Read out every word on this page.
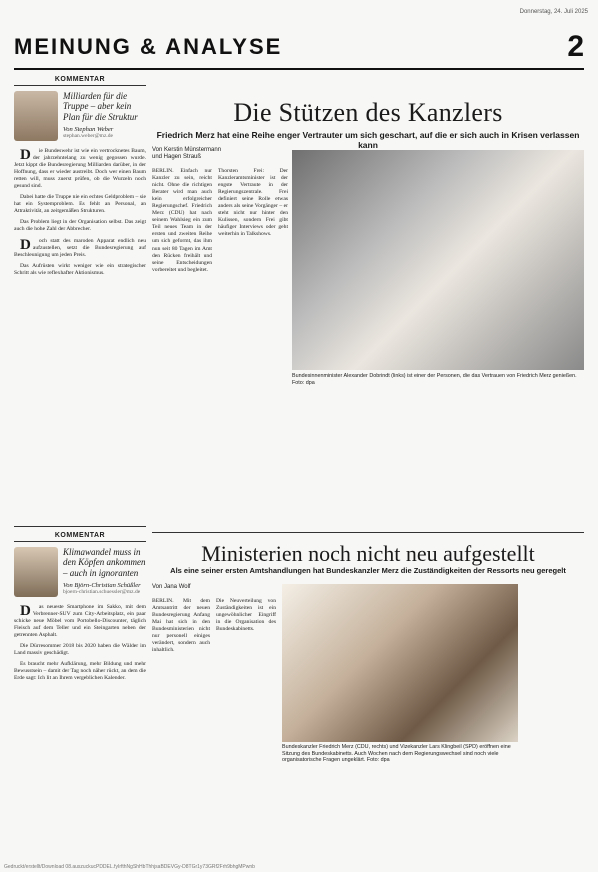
Donnerstag, 24. Juli 2025
MEINUNG & ANALYSE	2
KOMMENTAR
Milliarden für die Truppe – aber kein Plan für die Struktur
Von Stephan Weber
stephan.weber@mz.de

Die Bundeswehr ist wie ein vertrocknetes Baum, der jahrzehntelang zu wenig gegossen wurde. Jetzt kippt die Bundesregierung Milliarden darüber, in der Hoffnung, dass er wieder austreibt. Doch wer einen Baum retten will, muss zuerst prüfen, ob die Wurzeln noch gesund sind.

Dabei hatte die Truppe nie ein echtes Geldproblem – sie hat ein Systemproblem. Es fehlt an Personal, an Attraktivität, an zeitgemäßen Strukturen.

Das Problem liegt in der Organisation selbst. Das zeigt auch die hohe Zahl der Abbrecher.

Doch statt des maroden Apparat endlich neu aufzustellen, setzt die Bundesregierung auf Beschleunigung um jeden Preis.

Das Aufrüsten wirkt weniger wie ein strategischer Schritt als wie reflexhafter Aktionismus.

KOMMENTAR
Klimawandel muss in den Köpfen ankommen – auch in ignoranten
Von Björn-Christian Schüßler
bjoern-christian.schuessler@mz.de

Das neueste Smartphone im Sakko, mit dem Verbrenner-SUV zum City-Arbeitsplatz, ein paar schicke neue Möbel vom Portobello-Discounter, täglich Fleisch auf dem Teller und ein Steingarten neben der getrennten Asphalt.

Die Dürresommer 2018 bis 2020 haben die Wälder im Land massiv geschädigt.

Es braucht mehr Aufklärung, mehr Bildung und mehr Bewusstsein – damit der Tag noch näher rückt, an dem die Erde sagt: Ich lit an Ihrem vergeblichen Kalender.

Die Stützen des Kanzlers
Friedrich Merz hat eine Reihe enger Vertrauter um sich geschart, auf die er sich auch in Krisen verlassen kann
Von Kerstin Münstermann
und Hagen Strauß
BERLIN. Einfach nur Kanzler zu sein, reicht nicht. Ohne die richtigen Berater wird man auch kein erfolgreicher Regierungschef. Friedrich Merz (CDU) hat nach seinem Wahlsieg ein zum Teil neues Team in der ersten und zweiten Reihe um sich geformt, das ihm nun seit 80 Tagen im Amt den Rücken freihält und seine Entscheidungen vorbereitet und begleitet.
Thorsten Frei: Der Kanzleramtsminister ist der engste Vertraute in der Regierungszentrale. Frei definiert seine Rolle etwas anders als seine Vorgänger – er steht nicht nur hinter den Kulissen, sondern Frei gibt häufiger Interviews oder geht weiterhin in Talkshows.
Bundesinnenminister Alexander Dobrindt (links) ist einer der Personen, die das Vertrauen von Friedrich Merz genießen. Foto: dpa
Ministerien noch nicht neu aufgestellt
Als eine seiner ersten Amtshandlungen hat Bundeskanzler Merz die Zuständigkeiten der Ressorts neu geregelt
Von Jana Wolf
BERLIN. Mit dem Amtsantritt der neuen Bundesregierung Anfang Mai hat sich in den Bundesministerien nicht nur personell einiges verändert, sondern auch inhaltlich.
Die Neuverteilung von Zuständigkeiten ist ein ungewöhnlicher Eingriff in die Organisation des Bundeskabinetts.
Bundeskanzler Friedrich Merz (CDU, rechts) und Vizekanzler Lars Klingbeil (SPD) eröffnen eine Sitzung des Bundeskabinetts. Auch Wochen nach dem Regierungswechsel sind noch viele organisatorische Fragen ungeklärt. Foto: dpa
Gedruckt/erstellt/Download 08.auszuckucPDDEL.fyIrfthNgShHbThhjsaBDEVGy-D8TGr1y73GRf2Frh9bhgMPwnb
